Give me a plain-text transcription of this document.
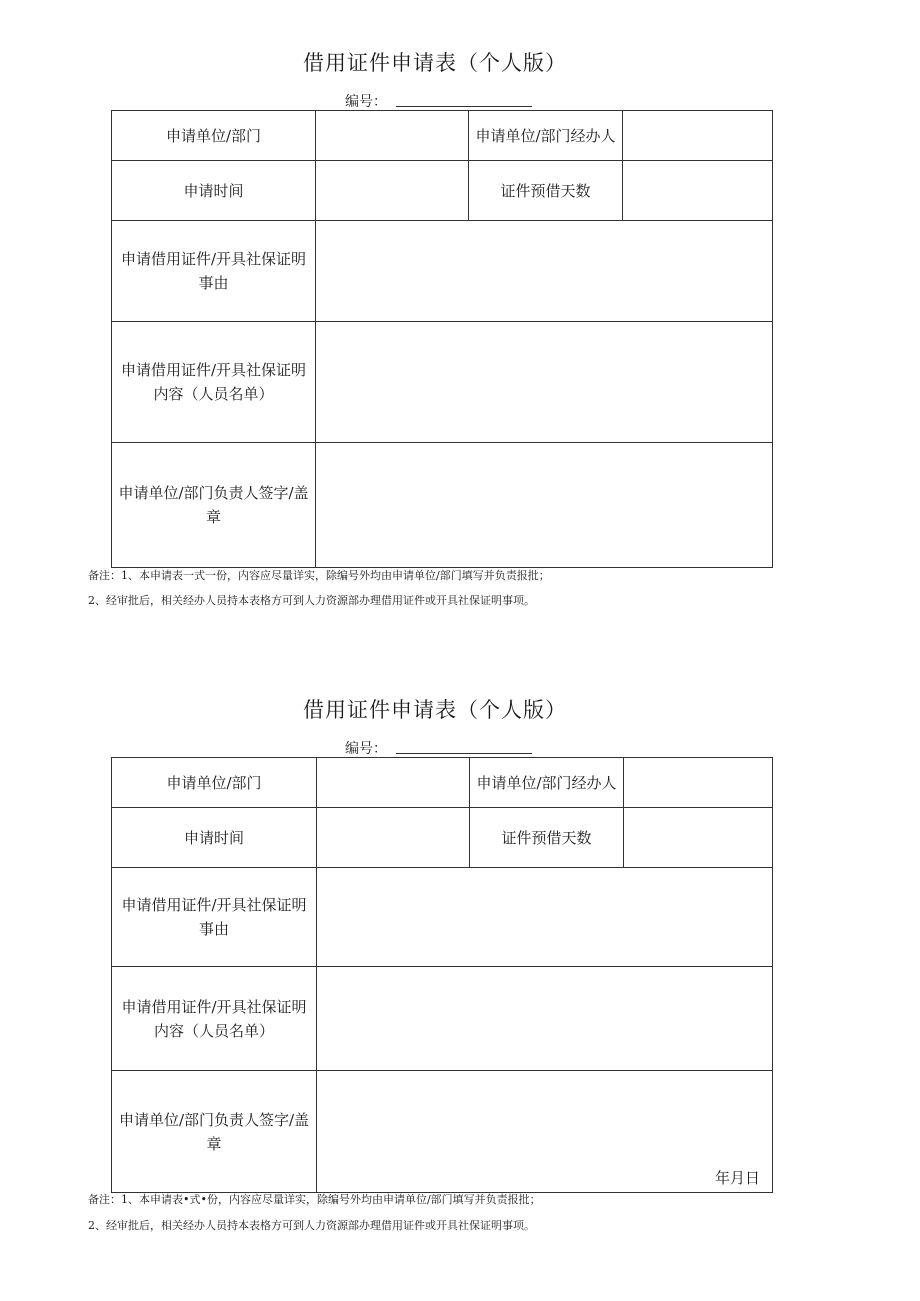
借用证件申请表（个人版）
编号：
申请单位/部门		申请单位/部门经办人	
申请时间		证件预借天数	
申请借用证件/开具社保证明事由			
申请借用证件/开具社保证明内容（人员名单）			
申请单位/部门负责人签字/盖章			
备注：1、本申请表一式一份，内容应尽量详实，除编号外均由申请单位/部门填写并负责报批；
2、经审批后，相关经办人员持本表格方可到人力资源部办理借用证件或开具社保证明事项。
借用证件申请表（个人版）
编号：
申请单位/部门		申请单位/部门经办人	
申请时间		证件预借天数	
申请借用证件/开具社保证明事由			
申请借用证件/开具社保证明内容（人员名单）			
申请单位/部门负责人签字/盖章	年月日		
备注：1、本申请表•式•份，内容应尽量详实，除编号外均由申请单位/部门填写并负责报批；
2、经审批后，相关经办人员持本表格方可到人力资源部办理借用证件或开具社保证明事项。
